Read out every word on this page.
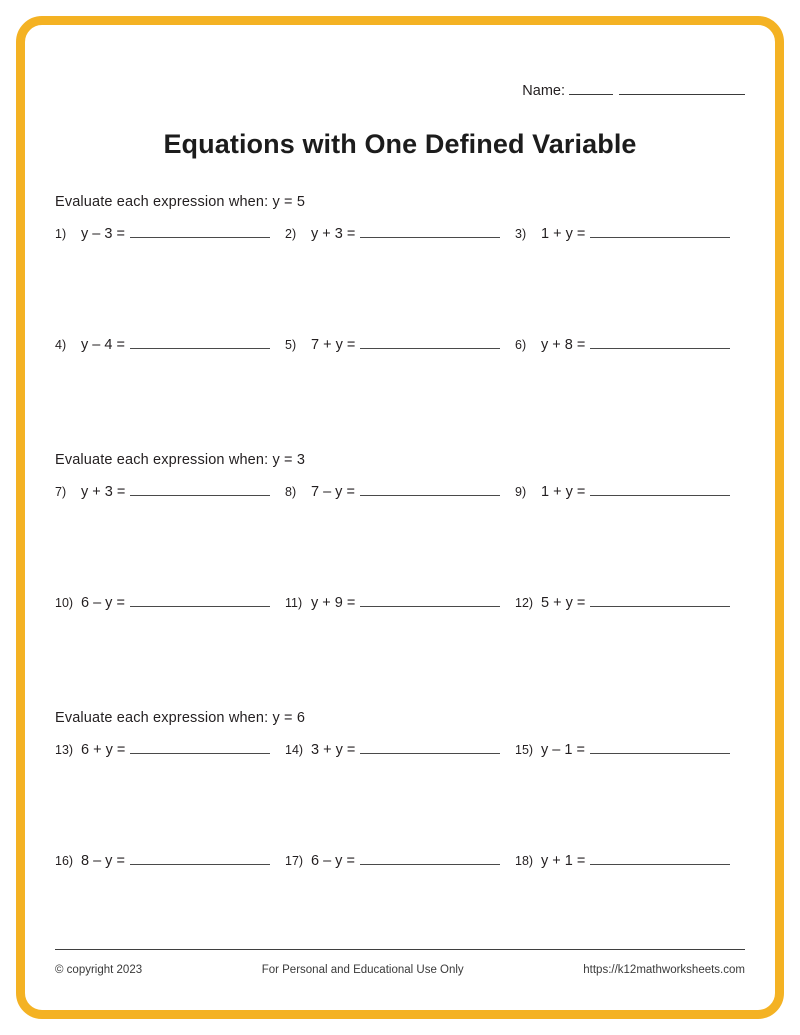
Name:
Equations with One Defined Variable
Evaluate each expression when: y = 5
1)	y – 3 =	2)	y + 3 =	3)	1 + y =
4)	y – 4 =	5)	7 + y =	6)	y + 8 =
Evaluate each expression when: y = 3
7)	y + 3 =	8)	7 – y =	9)	1 + y =
10) 6 – y =	11) y + 9 =	12) 5 + y =
Evaluate each expression when: y = 6
13) 6 + y =	14) 3 + y =	15) y – 1 =
16) 8 – y =	17) 6 – y =	18) y + 1 =
© copyright 2023	For Personal and Educational Use Only	https://k12mathworksheets.com
